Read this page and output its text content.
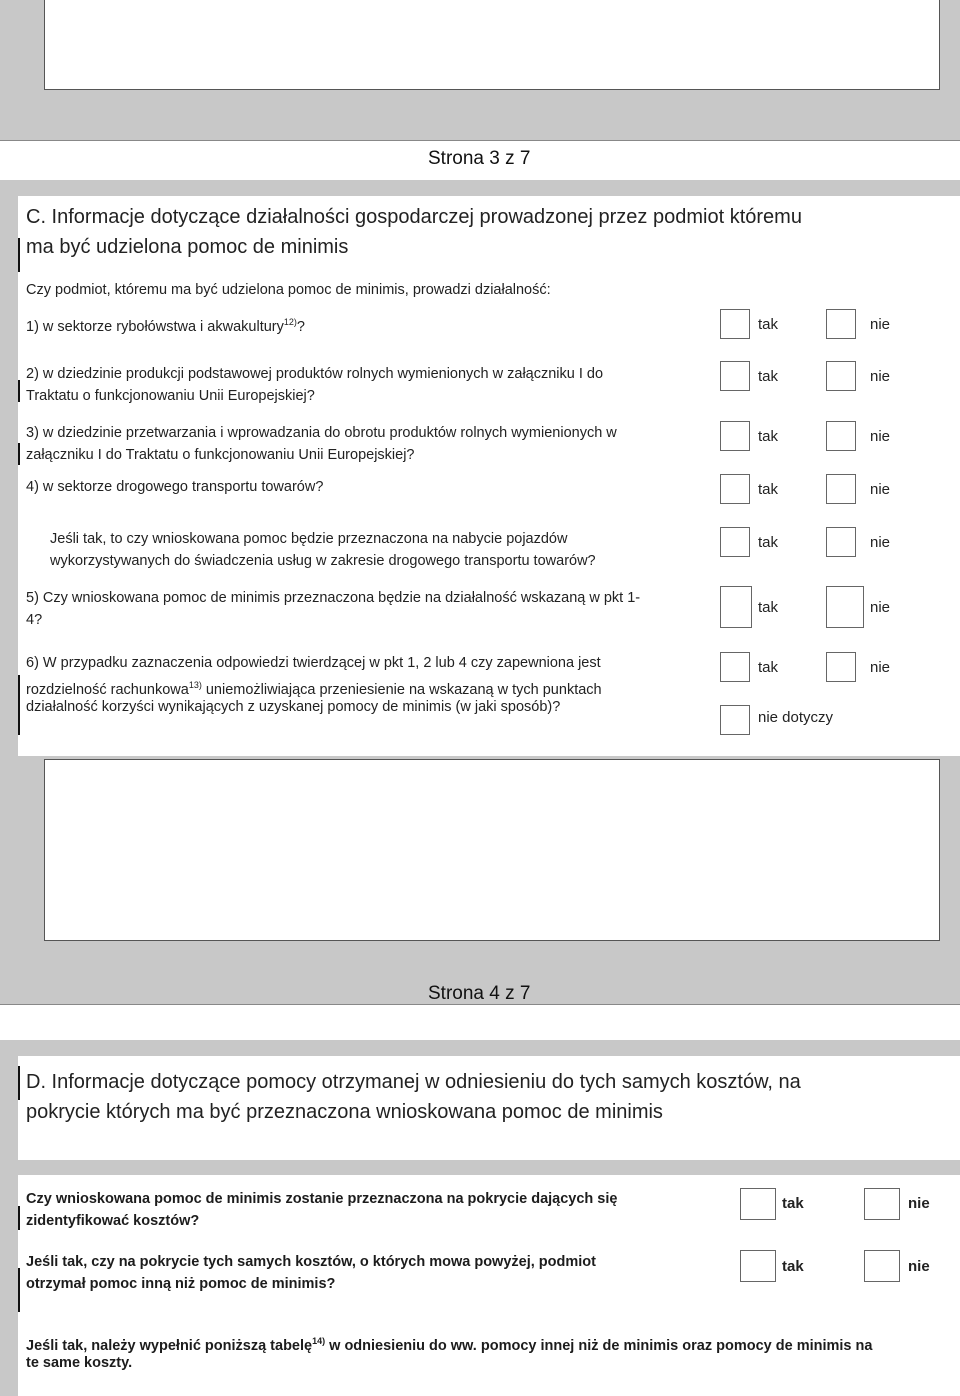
Strona 3 z 7
C. Informacje dotyczące działalności gospodarczej prowadzonej przez podmiot któremu
ma być udzielona pomoc de minimis
Czy podmiot, któremu ma być udzielona pomoc de minimis, prowadzi działalność:
1) w sektorze rybołówstwa i akwakultury$^{12)}$?	tak	nie
2) w dziedzinie produkcji podstawowej produktów rolnych wymienionych w załączniku I do
Traktatu o funkcjonowaniu Unii Europejskiej?
tak	nie
3) w dziedzinie przetwarzania i wprowadzania do obrotu produktów rolnych wymienionych w
załączniku I do Traktatu o funkcjonowaniu Unii Europejskiej?
tak	nie
4) w sektorze drogowego transportu towarów?	tak	nie
Jeśli tak, to czy wnioskowana pomoc będzie przeznaczona na nabycie pojazdów
wykorzystywanych do świadczenia usług w zakresie drogowego transportu towarów?
tak	nie
5) Czy wnioskowana pomoc de minimis przeznaczona będzie na działalność wskazaną w pkt 1-
4?
tak	nie
6) W przypadku zaznaczenia odpowiedzi twierdzącej w pkt 1, 2 lub 4 czy zapewniona jest
rozdzielność rachunkowa$^{13)}$ uniemożliwiająca przeniesienie na wskazaną w tych punktach
działalność korzyści wynikających z uzyskanej pomocy de minimis (w jaki sposób)?
tak	nie
nie dotyczy
Strona 4 z 7
D. Informacje dotyczące pomocy otrzymanej w odniesieniu do tych samych kosztów, na
pokrycie których ma być przeznaczona wnioskowana pomoc de minimis
Czy wnioskowana pomoc de minimis zostanie przeznaczona na pokrycie dających się
zidentyfikować kosztów?
tak	nie
Jeśli tak, czy na pokrycie tych samych kosztów, o których mowa powyżej, podmiot
otrzymał pomoc inną niż pomoc de minimis?
tak	nie
Jeśli tak, należy wypełnić poniższą tabelę$^{14)}$ w odniesieniu do ww. pomocy innej niż de minimis oraz pomocy de minimis na
te same koszty.
